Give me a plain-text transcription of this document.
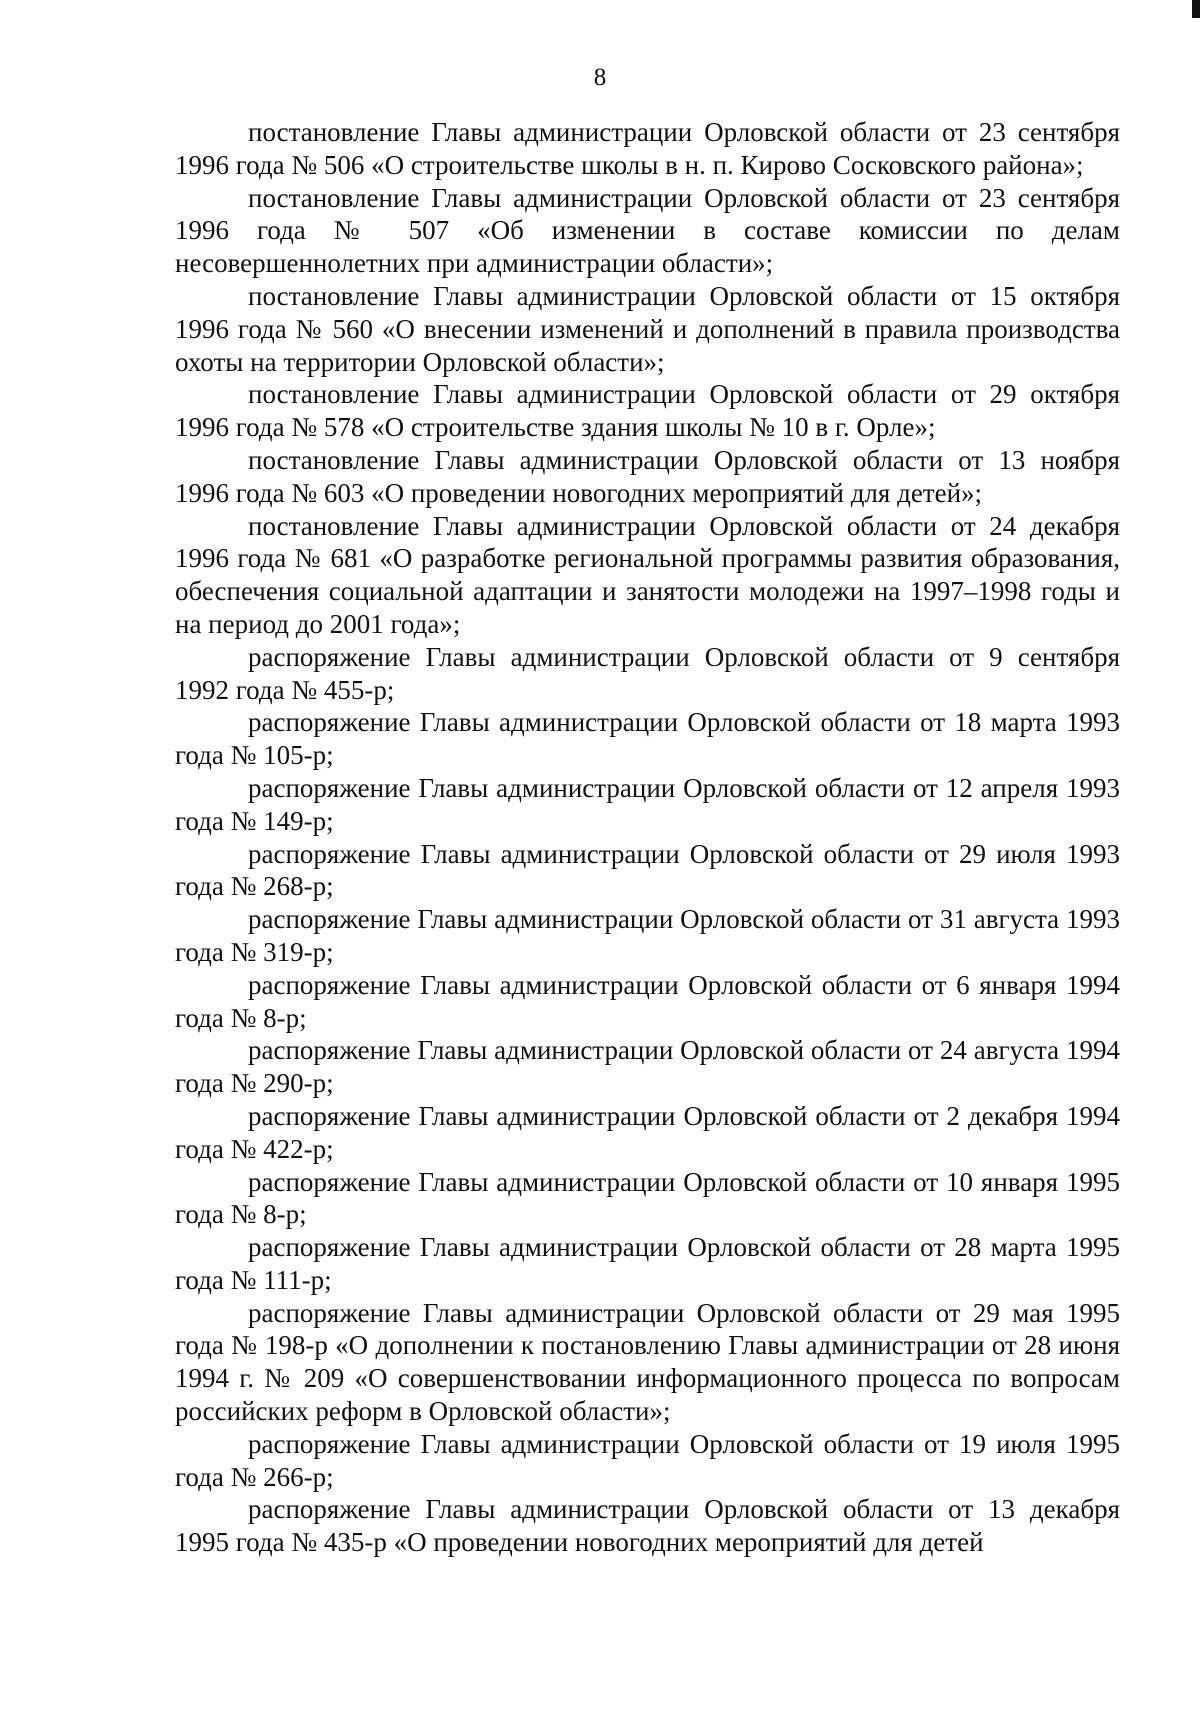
8

постановление Главы администрации Орловской области от 23 сентября 1996 года № 506 «О строительстве школы в н. п. Кирово Сосковского района»;

постановление Главы администрации Орловской области от 23 сентября 1996 года № 507 «Об изменении в составе комиссии по делам несовершеннолетних при администрации области»;

постановление Главы администрации Орловской области от 15 октября 1996 года № 560 «О внесении изменений и дополнений в правила производства охоты на территории Орловской области»;

постановление Главы администрации Орловской области от 29 октября 1996 года № 578 «О строительстве здания школы № 10 в г. Орле»;

постановление Главы администрации Орловской области от 13 ноября 1996 года № 603 «О проведении новогодних мероприятий для детей»;

постановление Главы администрации Орловской области от 24 декабря 1996 года № 681 «О разработке региональной программы развития образования, обеспечения социальной адаптации и занятости молодежи на 1997–1998 годы и на период до 2001 года»;

распоряжение Главы администрации Орловской области от 9 сентября 1992 года № 455-р;

распоряжение Главы администрации Орловской области от 18 марта 1993 года № 105-р;

распоряжение Главы администрации Орловской области от 12 апреля 1993 года № 149-р;

распоряжение Главы администрации Орловской области от 29 июля 1993 года № 268-р;

распоряжение Главы администрации Орловской области от 31 августа 1993 года № 319-р;

распоряжение Главы администрации Орловской области от 6 января 1994 года № 8-р;

распоряжение Главы администрации Орловской области от 24 августа 1994 года № 290-р;

распоряжение Главы администрации Орловской области от 2 декабря 1994 года № 422-р;

распоряжение Главы администрации Орловской области от 10 января 1995 года № 8-р;

распоряжение Главы администрации Орловской области от 28 марта 1995 года № 111-р;

распоряжение Главы администрации Орловской области от 29 мая 1995 года № 198-р «О дополнении к постановлению Главы администрации от 28 июня 1994 г. № 209 «О совершенствовании информационного процесса по вопросам российских реформ в Орловской области»;

распоряжение Главы администрации Орловской области от 19 июля 1995 года № 266-р;

распоряжение Главы администрации Орловской области от 13 декабря 1995 года № 435-р «О проведении новогодних мероприятий для детей
